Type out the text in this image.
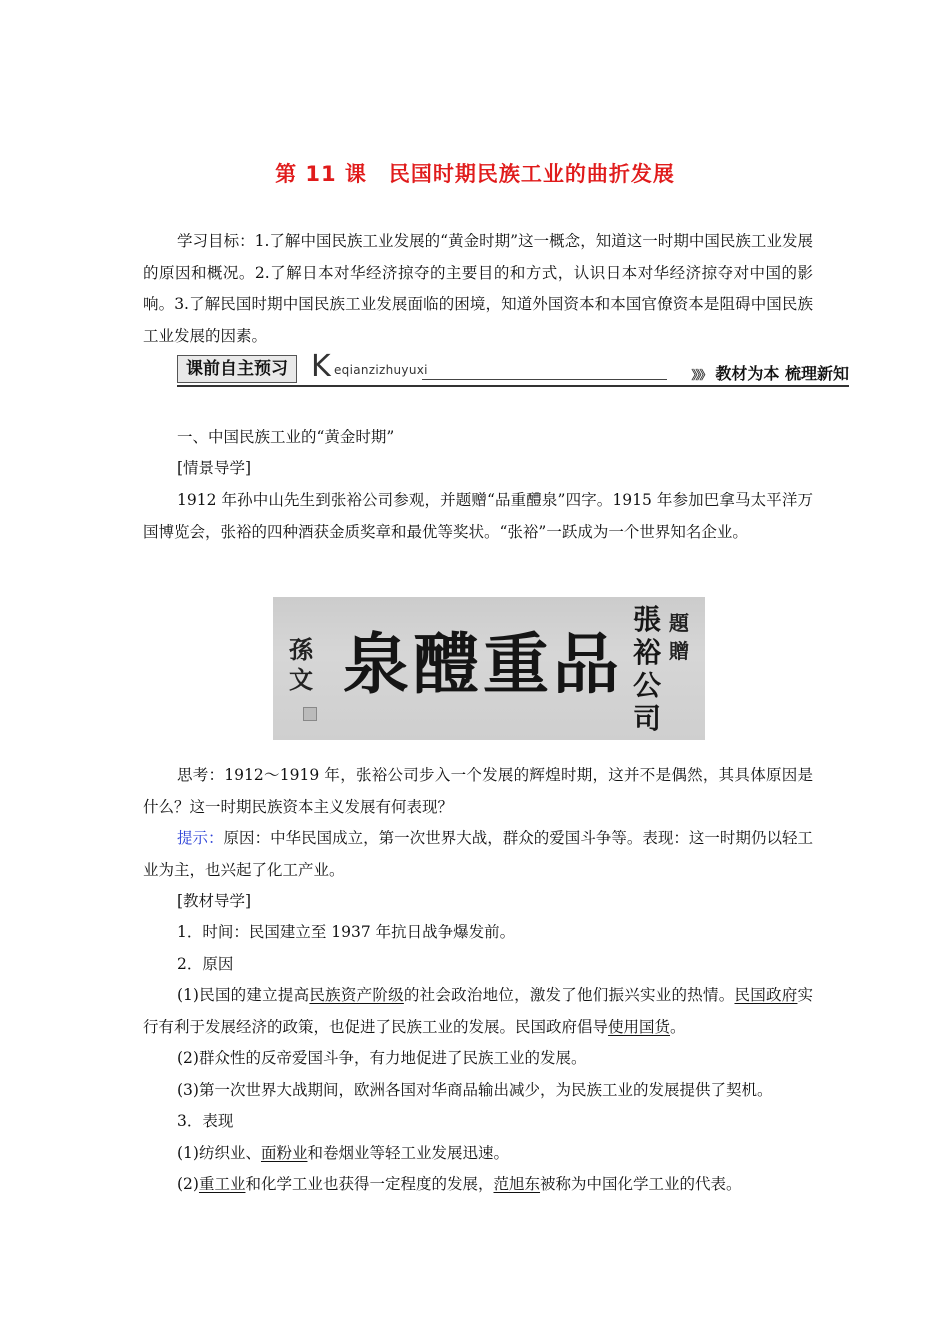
第 11 课　民国时期民族工业的曲折发展
学习目标：1.了解中国民族工业发展的“黄金时期”这一概念，知道这一时期中国民族工业发展的原因和概况。2.了解日本对华经济掠夺的主要目的和方式，认识日本对华经济掠夺对中国的影响。3.了解民国时期中国民族工业发展面临的困境，知道外国资本和本国官僚资本是阻碍中国民族工业发展的因素。
课前自主预习 K eqianzizhuyuxi	》》》 教材为本 梳理新知
一、中国民族工业的“黄金时期”
[情景导学]
1912 年孙中山先生到张裕公司参观，并题赠“品重醴泉”四字。1915 年参加巴拿马太平洋万国博览会，张裕的四种酒获金质奖章和最优等奖状。“张裕”一跃成为一个世界知名企业。
孫文 泉醴重品
張裕公司
題贈
思考：1912～1919 年，张裕公司步入一个发展的辉煌时期，这并不是偶然，其具体原因是什么？这一时期民族资本主义发展有何表现？
提示：原因：中华民国成立，第一次世界大战，群众的爱国斗争等。表现：这一时期仍以轻工业为主，也兴起了化工产业。
[教材导学]
1．时间：民国建立至 1937 年抗日战争爆发前。
2．原因
(1)民国的建立提高民族资产阶级的社会政治地位，激发了他们振兴实业的热情。民国政府实行有利于发展经济的政策，也促进了民族工业的发展。民国政府倡导使用国货。
(2)群众性的反帝爱国斗争，有力地促进了民族工业的发展。
(3)第一次世界大战期间，欧洲各国对华商品输出减少，为民族工业的发展提供了契机。
3．表现
(1)纺织业、面粉业和卷烟业等轻工业发展迅速。
(2)重工业和化学工业也获得一定程度的发展，范旭东被称为中国化学工业的代表。
